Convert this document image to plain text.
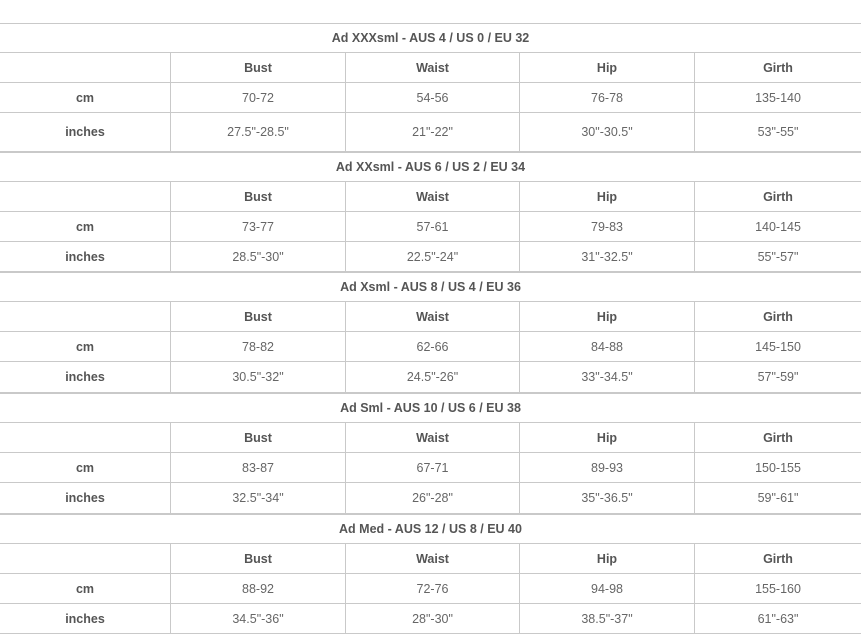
Ad XXXsml - AUS 4 / US 0 / EU 32
Bust	Waist	Hip	Girth
cm	70-72	54-56	76-78	135-140
inches	27.5"-28.5"	21"-22"	30"-30.5"	53"-55"
Ad XXsml - AUS 6 / US 2 / EU 34
Bust	Waist	Hip	Girth
cm	73-77	57-61	79-83	140-145
inches	28.5"-30"	22.5"-24"	31"-32.5"	55"-57"
Ad Xsml - AUS 8 / US 4 / EU 36
Bust	Waist	Hip	Girth
cm	78-82	62-66	84-88	145-150
inches	30.5"-32"	24.5"-26"	33"-34.5"	57"-59"
Ad Sml - AUS 10 / US 6 / EU 38
Bust	Waist	Hip	Girth
cm	83-87	67-71	89-93	150-155
inches	32.5"-34"	26"-28"	35"-36.5"	59"-61"
Ad Med - AUS 12 / US 8 / EU 40
Bust	Waist	Hip	Girth
cm	88-92	72-76	94-98	155-160
inches	34.5"-36"	28"-30"	38.5"-37"	61"-63"
